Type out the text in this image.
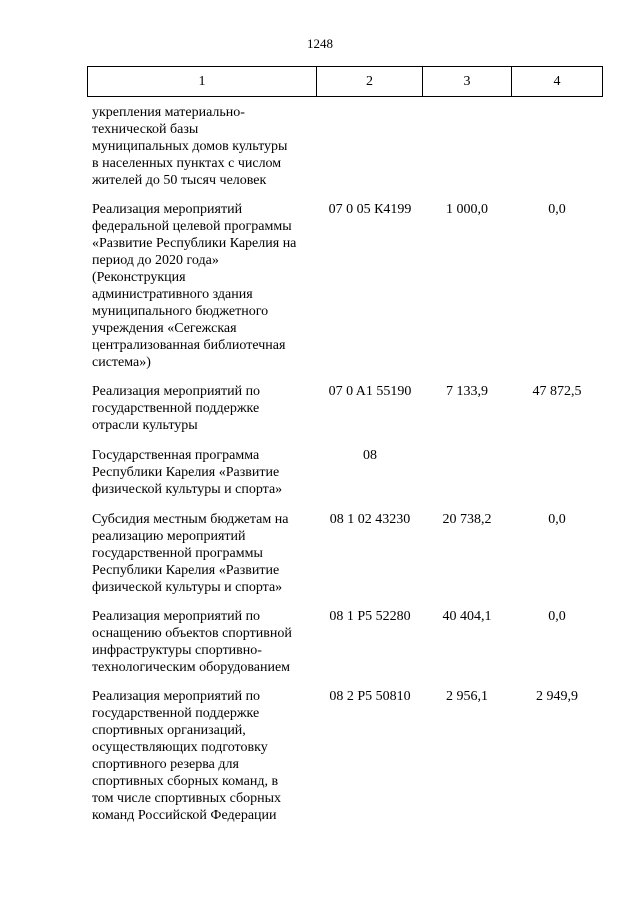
1248
1	2	3	4
укрепления материально-
технической базы
муниципальных домов культуры
в населенных пунктах с числом
жителей до 50 тысяч человек
Реализация мероприятий
федеральной целевой программы
«Развитие Республики Карелия на
период до 2020 года»
(Реконструкция
административного здания
муниципального бюджетного
учреждения «Сегежская
централизованная библиотечная
система»)
07 0 05 К4199	1 000,0	0,0
Реализация мероприятий по
государственной поддержке
отрасли культуры
07 0 A1 55190	7 133,9	47 872,5
Государственная программа
Республики Карелия «Развитие
физической культуры и спорта»
08
Субсидия местным бюджетам на
реализацию мероприятий
государственной программы
Республики Карелия «Развитие
физической культуры и спорта»
08 1 02 43230	20 738,2	0,0
Реализация мероприятий по
оснащению объектов спортивной
инфраструктуры спортивно-
технологическим оборудованием
08 1 P5 52280	40 404,1	0,0
Реализация мероприятий по
государственной поддержке
спортивных организаций,
осуществляющих подготовку
спортивного резерва для
спортивных сборных команд, в
том числе спортивных сборных
команд Российской Федерации
08 2 P5 50810	2 956,1	2 949,9
